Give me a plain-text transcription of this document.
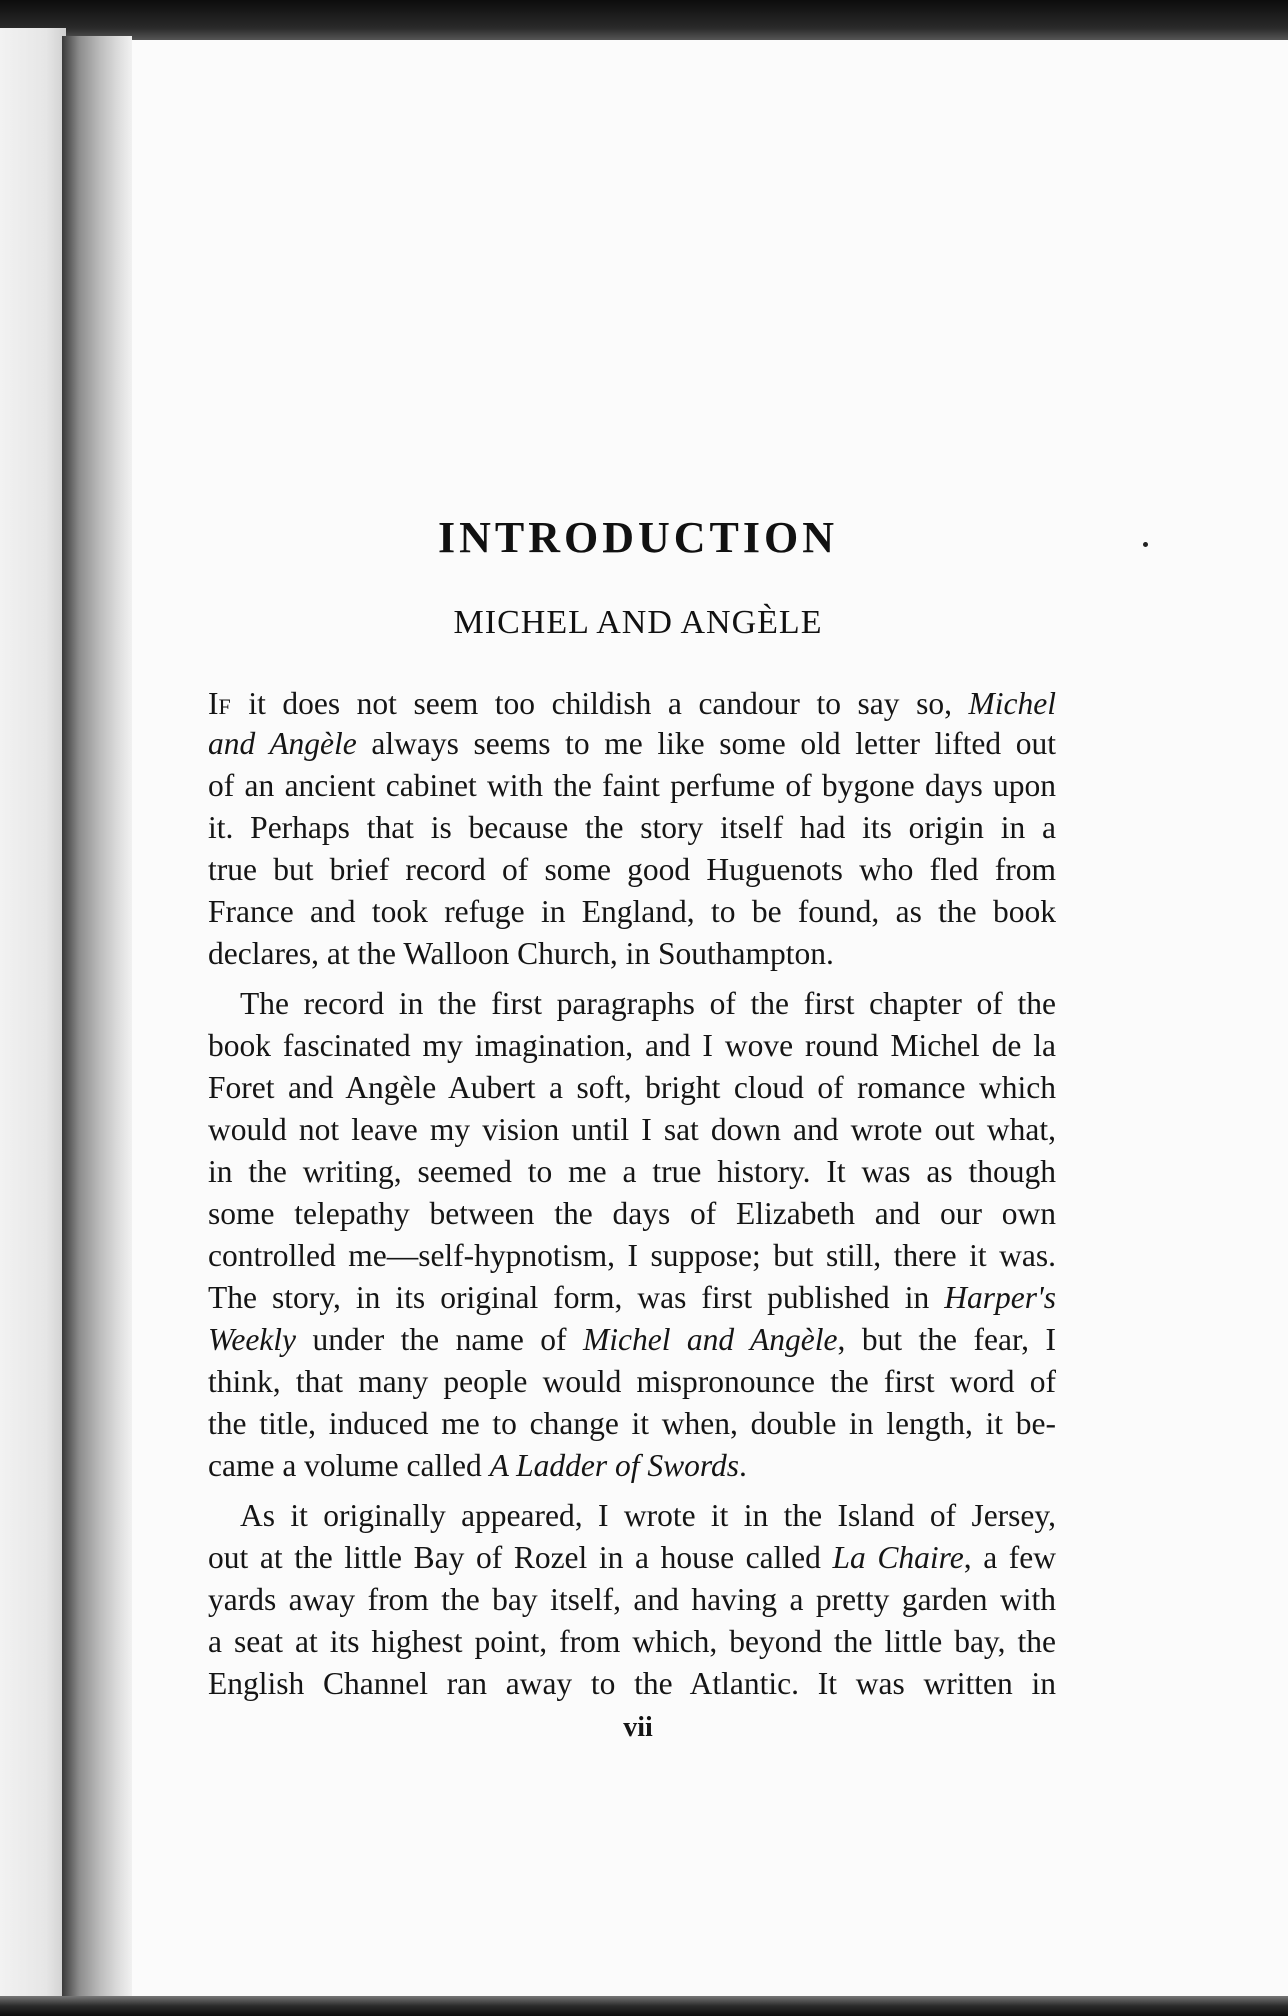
INTRODUCTION
MICHEL AND ANGÈLE

IF it does not seem too childish a candour to say so, Michel

and Angèle always seems to me like some old letter lifted out

of an ancient cabinet with the faint perfume of bygone days upon

it. Perhaps that is because the story itself had its origin in a

true but brief record of some good Huguenots who fled from

France and took refuge in England, to be found, as the book

declares, at the Walloon Church, in Southampton.

The record in the first paragraphs of the first chapter of the

book fascinated my imagination, and I wove round Michel de la

Foret and Angèle Aubert a soft, bright cloud of romance which

would not leave my vision until I sat down and wrote out what,

in the writing, seemed to me a true history. It was as though

some telepathy between the days of Elizabeth and our own

controlled me—self-hypnotism, I suppose; but still, there it was.

The story, in its original form, was first published in Harper's

Weekly under the name of Michel and Angèle, but the fear, I

think, that many people would mispronounce the first word of

the title, induced me to change it when, double in length, it be-

came a volume called A Ladder of Swords.

As it originally appeared, I wrote it in the Island of Jersey,

out at the little Bay of Rozel in a house called La Chaire, a few

yards away from the bay itself, and having a pretty garden with

a seat at its highest point, from which, beyond the little bay, the

English Channel ran away to the Atlantic. It was written in

vii
